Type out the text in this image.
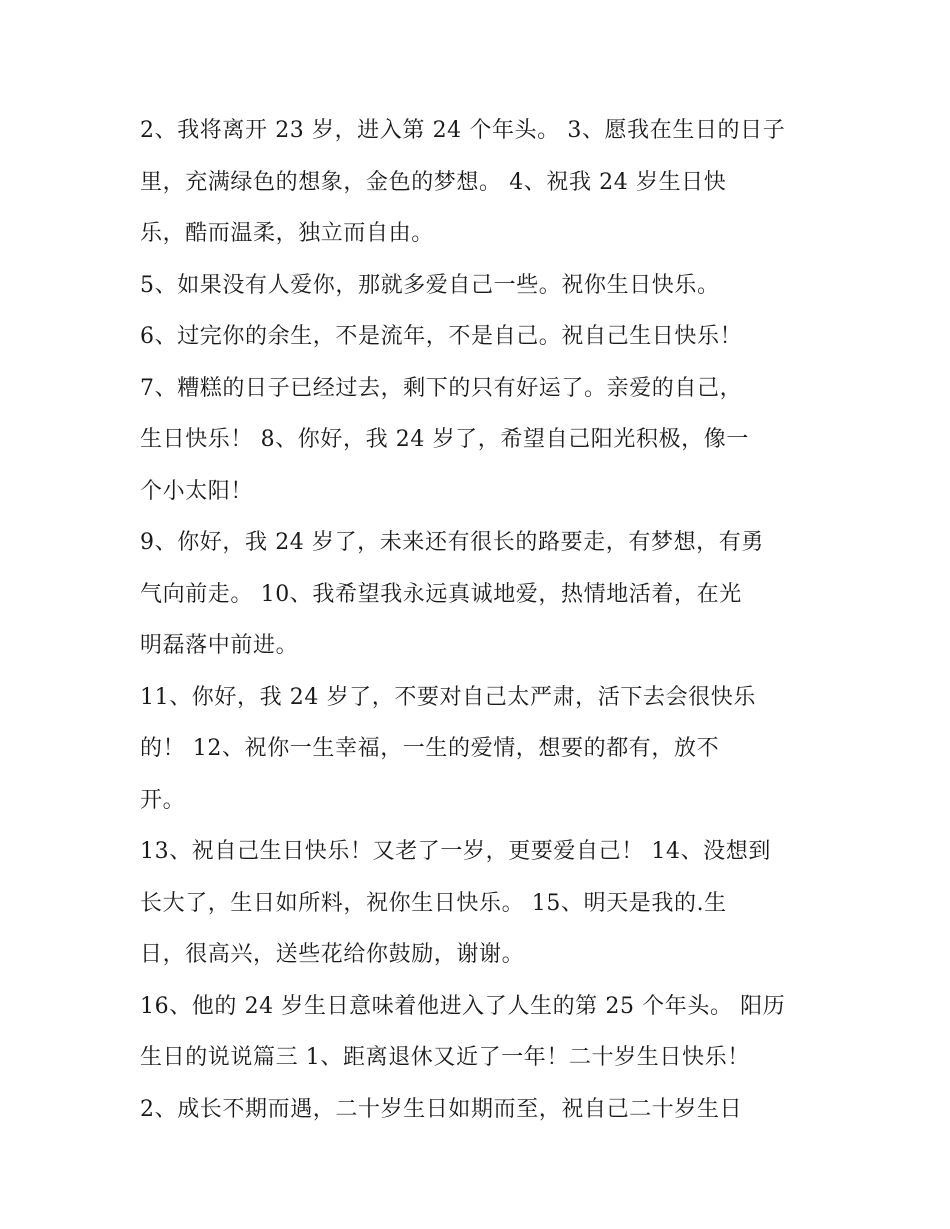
2、我将离开 23 岁，进入第 24 个年头。 3、愿我在生日的日子
里，充满绿色的想象，金色的梦想。 4、祝我 24 岁生日快
乐，酷而温柔，独立而自由。
5、如果没有人爱你，那就多爱自己一些。祝你生日快乐。
6、过完你的余生，不是流年，不是自己。祝自己生日快乐！
7、糟糕的日子已经过去，剩下的只有好运了。亲爱的自己，
生日快乐！ 8、你好，我 24 岁了，希望自己阳光积极，像一
个小太阳！
9、你好，我 24 岁了，未来还有很长的路要走，有梦想，有勇
气向前走。 10、我希望我永远真诚地爱，热情地活着，在光
明磊落中前进。
11、你好，我 24 岁了，不要对自己太严肃，活下去会很快乐
的！ 12、祝你一生幸福，一生的爱情，想要的都有，放不
开。
13、祝自己生日快乐！又老了一岁，更要爱自己！ 14、没想到
长大了，生日如所料，祝你生日快乐。 15、明天是我的.生
日，很高兴，送些花给你鼓励，谢谢。
16、他的 24 岁生日意味着他进入了人生的第 25 个年头。 阳历
生日的说说篇三 1、距离退休又近了一年！二十岁生日快乐！
2、成长不期而遇，二十岁生日如期而至，祝自己二十岁生日
